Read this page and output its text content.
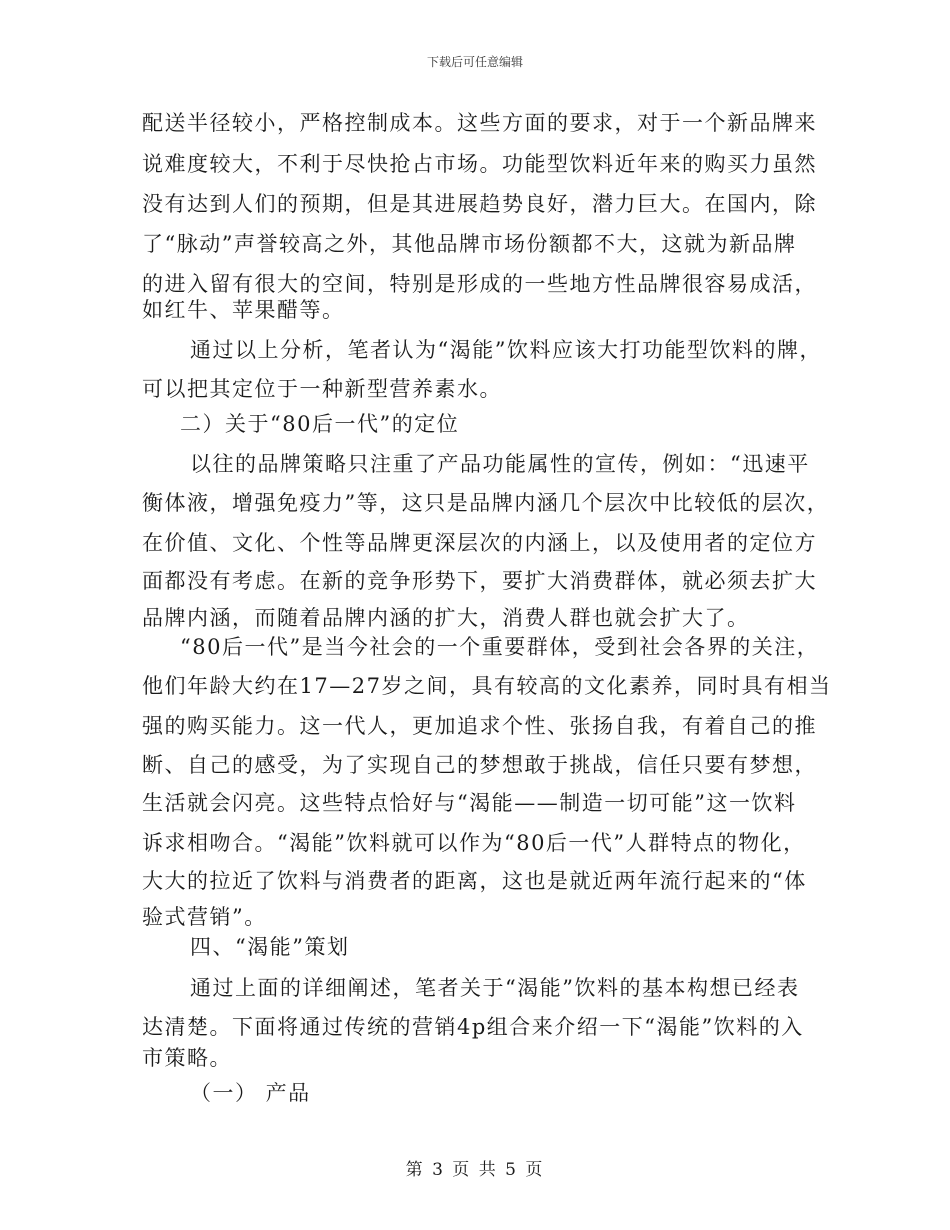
下载后可任意编辑
配送半径较小，严格控制成本。这些方面的要求，对于一个新品牌来
说难度较大，不利于尽快抢占市场。功能型饮料近年来的购买力虽然
没有达到人们的预期，但是其进展趋势良好，潜力巨大。在国内，除
了“脉动”声誉较高之外，其他品牌市场份额都不大，这就为新品牌
的进入留有很大的空间，特别是形成的一些地方性品牌很容易成活，
如红牛、苹果醋等。
通过以上分析，笔者认为“渴能”饮料应该大打功能型饮料的牌，
可以把其定位于一种新型营养素水。
二）关于“80后一代”的定位
以往的品牌策略只注重了产品功能属性的宣传，例如：“迅速平
衡体液，增强免疫力”等，这只是品牌内涵几个层次中比较低的层次，
在价值、文化、个性等品牌更深层次的内涵上，以及使用者的定位方
面都没有考虑。在新的竞争形势下，要扩大消费群体，就必须去扩大
品牌内涵，而随着品牌内涵的扩大，消费人群也就会扩大了。
“80后一代”是当今社会的一个重要群体，受到社会各界的关注，
他们年龄大约在17—27岁之间，具有较高的文化素养，同时具有相当
强的购买能力。这一代人，更加追求个性、张扬自我，有着自己的推
断、自己的感受，为了实现自己的梦想敢于挑战，信任只要有梦想，
生活就会闪亮。这些特点恰好与“渴能——制造一切可能”这一饮料
诉求相吻合。“渴能”饮料就可以作为“80后一代”人群特点的物化，
大大的拉近了饮料与消费者的距离，这也是就近两年流行起来的“体
验式营销”。
四、“渴能”策划
通过上面的详细阐述，笔者关于“渴能”饮料的基本构想已经表
达清楚。下面将通过传统的营销4p组合来介绍一下“渴能”饮料的入
市策略。
（一） 产品
第 3 页 共 5 页
